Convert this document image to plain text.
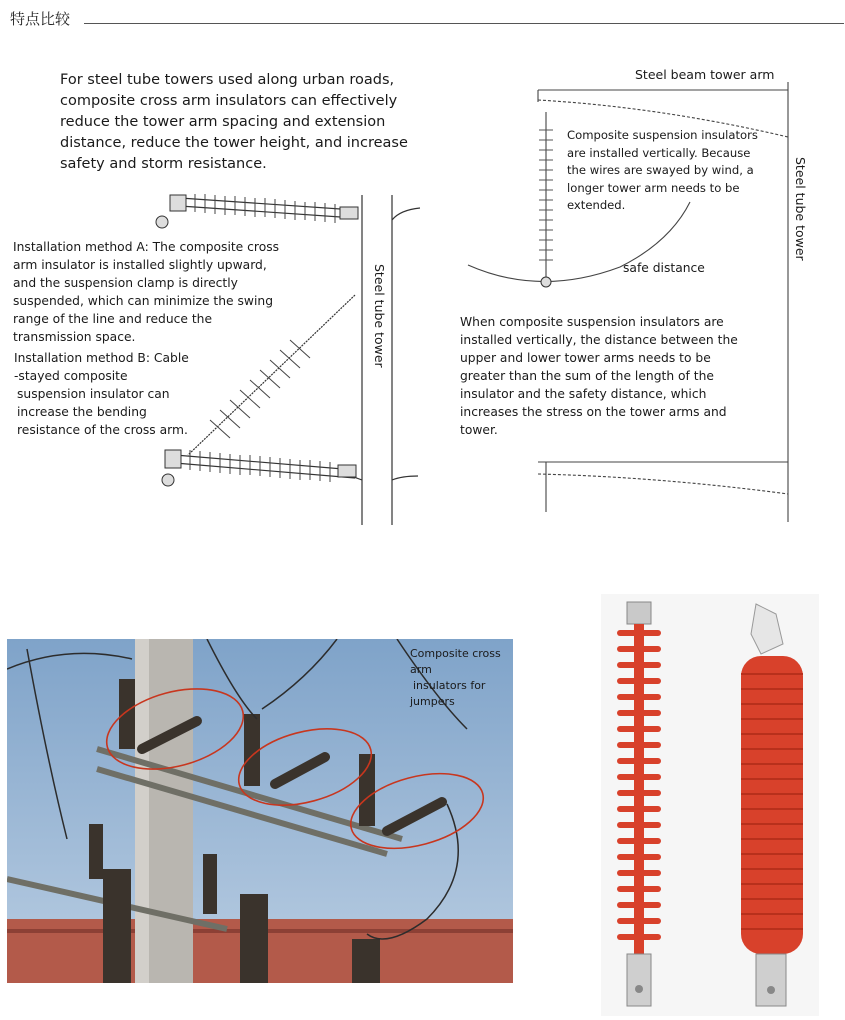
特点比较
For steel tube towers used along urban roads, composite cross arm insulators can effectively reduce the tower arm spacing and extension distance, reduce the tower height, and increase safety and storm resistance.
Installation method A: The composite cross arm insulator is installed slightly upward, and the suspension clamp is directly suspended, which can minimize the swing range of the line and reduce the transmission space.
Installation method B: Cable
-stayed composite
suspension insulator can
increase the bending
resistance of the cross arm.
Steel tube tower
Steel beam tower arm
Steel tube tower
Composite suspension insulators are installed vertically. Because the wires are swayed by wind, a longer tower arm needs to be extended.
safe distance
When composite suspension insulators are installed vertically, the distance between the upper and lower tower arms needs to be greater than the sum of the length of the insulator and the safety distance, which increases the stress on the tower arms and tower.
Composite cross
arm
insulators for
jumpers
